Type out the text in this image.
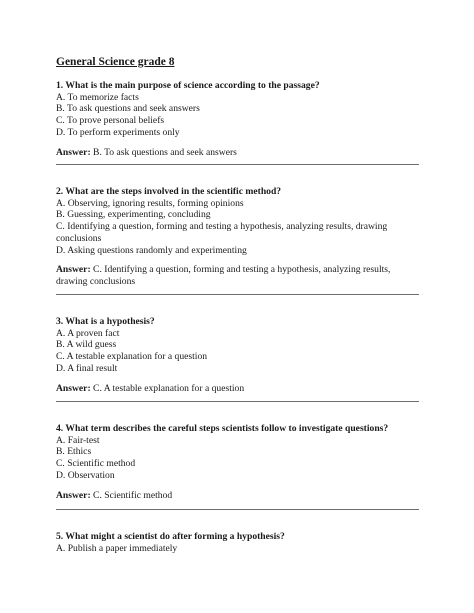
General Science grade 8
1. What is the main purpose of science according to the passage?
A. To memorize facts
B. To ask questions and seek answers
C. To prove personal beliefs
D. To perform experiments only
Answer: B. To ask questions and seek answers
2. What are the steps involved in the scientific method?
A. Observing, ignoring results, forming opinions
B. Guessing, experimenting, concluding
C. Identifying a question, forming and testing a hypothesis, analyzing results, drawing conclusions
D. Asking questions randomly and experimenting
Answer: C. Identifying a question, forming and testing a hypothesis, analyzing results, drawing conclusions
3. What is a hypothesis?
A. A proven fact
B. A wild guess
C. A testable explanation for a question
D. A final result
Answer: C. A testable explanation for a question
4. What term describes the careful steps scientists follow to investigate questions?
A. Fair-test
B. Ethics
C. Scientific method
D. Observation
Answer: C. Scientific method
5. What might a scientist do after forming a hypothesis?
A. Publish a paper immediately
